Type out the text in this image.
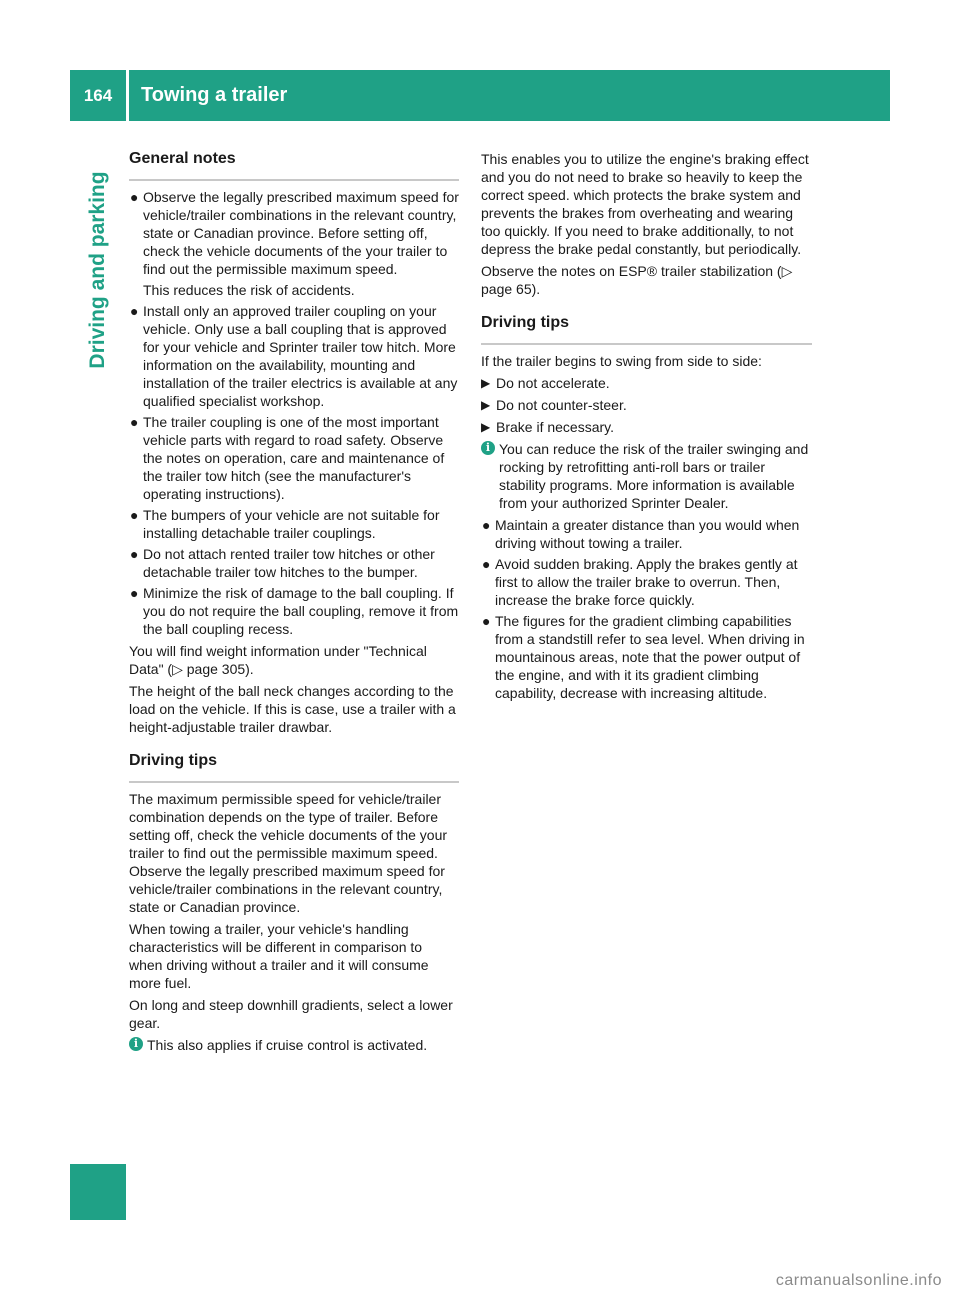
164	Towing a trailer
Driving and parking
General notes
● Observe the legally prescribed maximum speed for vehicle/trailer combinations in the relevant country, state or Canadian province. Before setting off, check the vehicle documents of the your trailer to find out the permissible maximum speed.

This reduces the risk of accidents.

● Install only an approved trailer coupling on your vehicle. Only use a ball coupling that is approved for your vehicle and Sprinter trailer tow hitch. More information on the availability, mounting and installation of the trailer electrics is available at any qualified specialist workshop.

● The trailer coupling is one of the most important vehicle parts with regard to road safety. Observe the notes on operation, care and maintenance of the trailer tow hitch (see the manufacturer's operating instructions).

● The bumpers of your vehicle are not suitable for installing detachable trailer couplings.

● Do not attach rented trailer tow hitches or other detachable trailer tow hitches to the bumper.

● Minimize the risk of damage to the ball coupling. If you do not require the ball coupling, remove it from the ball coupling recess.

You will find weight information under "Technical Data" (▷ page 305).

The height of the ball neck changes according to the load on the vehicle. If this is case, use a trailer with a height-adjustable trailer drawbar.

Driving tips

The maximum permissible speed for vehicle/trailer combination depends on the type of trailer. Before setting off, check the vehicle documents of the your trailer to find out the permissible maximum speed. Observe the legally prescribed maximum speed for vehicle/trailer combinations in the relevant country, state or Canadian province.

When towing a trailer, your vehicle's handling characteristics will be different in comparison to when driving without a trailer and it will consume more fuel.

On long and steep downhill gradients, select a lower gear.

i This also applies if cruise control is activated.

This enables you to utilize the engine's braking effect and you do not need to brake so heavily to keep the correct speed. which protects the brake system and prevents the brakes from overheating and wearing too quickly. If you need to brake additionally, to not depress the brake pedal constantly, but periodically.

Observe the notes on ESP® trailer stabilization (▷ page 65).

Driving tips

If the trailer begins to swing from side to side:

▶ Do not accelerate.
▶ Do not counter-steer.
▶ Brake if necessary.
i You can reduce the risk of the trailer swinging and rocking by retrofitting anti-roll bars or trailer stability programs. More information is available from your authorized Sprinter Dealer.
● Maintain a greater distance than you would when driving without towing a trailer.

● Avoid sudden braking. Apply the brakes gently at first to allow the trailer brake to overrun. Then, increase the brake force quickly.

● The figures for the gradient climbing capabilities from a standstill refer to sea level. When driving in mountainous areas, note that the power output of the engine, and with it its gradient climbing capability, decrease with increasing altitude.

carmanualsonline.info
